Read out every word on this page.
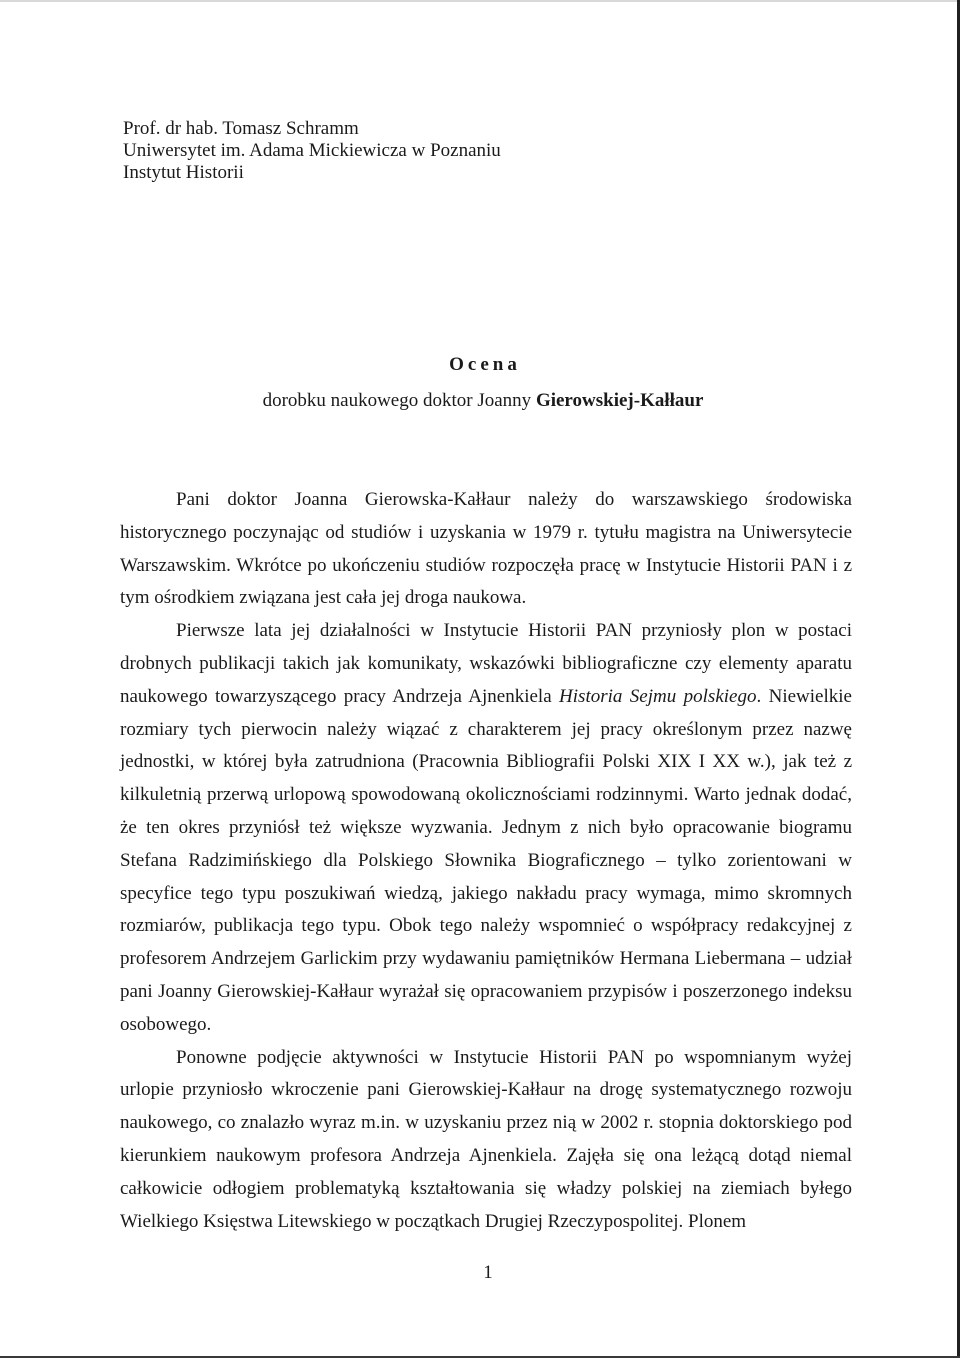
Prof. dr hab. Tomasz Schramm
Uniwersytet im. Adama Mickiewicza w Poznaniu
Instytut Historii
Ocena
dorobku naukowego doktor Joanny Gierowskiej-Kałłaur

Pani doktor Joanna Gierowska-Kałłaur należy do warszawskiego środowiska historycznego poczynając od studiów i uzyskania w 1979 r. tytułu magistra na Uniwersytecie Warszawskim. Wkrótce po ukończeniu studiów rozpoczęła pracę w Instytucie Historii PAN i z tym ośrodkiem związana jest cała jej droga naukowa.

Pierwsze lata jej działalności w Instytucie Historii PAN przyniosły plon w postaci drobnych publikacji takich jak komunikaty, wskazówki bibliograficzne czy elementy aparatu naukowego towarzyszącego pracy Andrzeja Ajnenkiela Historia Sejmu polskiego. Niewielkie rozmiary tych pierwocin należy wiązać z charakterem jej pracy określonym przez nazwę jednostki, w której była zatrudniona (Pracownia Bibliografii Polski XIX I XX w.), jak też z kilkuletnią przerwą urlopową spowodowaną okolicznościami rodzinnymi. Warto jednak dodać, że ten okres przyniósł też większe wyzwania. Jednym z nich było opracowanie biogramu Stefana Radzimińskiego dla Polskiego Słownika Biograficznego – tylko zorientowani w specyfice tego typu poszukiwań wiedzą, jakiego nakładu pracy wymaga, mimo skromnych rozmiarów, publikacja tego typu. Obok tego należy wspomnieć o współpracy redakcyjnej z profesorem Andrzejem Garlickim przy wydawaniu pamiętników Hermana Liebermana – udział pani Joanny Gierowskiej-Kałłaur wyrażał się opracowaniem przypisów i poszerzonego indeksu osobowego.

Ponowne podjęcie aktywności w Instytucie Historii PAN po wspomnianym wyżej urlopie przyniosło wkroczenie pani Gierowskiej-Kałłaur na drogę systematycznego rozwoju naukowego, co znalazło wyraz m.in. w uzyskaniu przez nią w 2002 r. stopnia doktorskiego pod kierunkiem naukowym profesora Andrzeja Ajnenkiela. Zajęła się ona leżącą dotąd niemal całkowicie odłogiem problematyką kształtowania się władzy polskiej na ziemiach byłego Wielkiego Księstwa Litewskiego w początkach Drugiej Rzeczypospolitej. Plonem

1
